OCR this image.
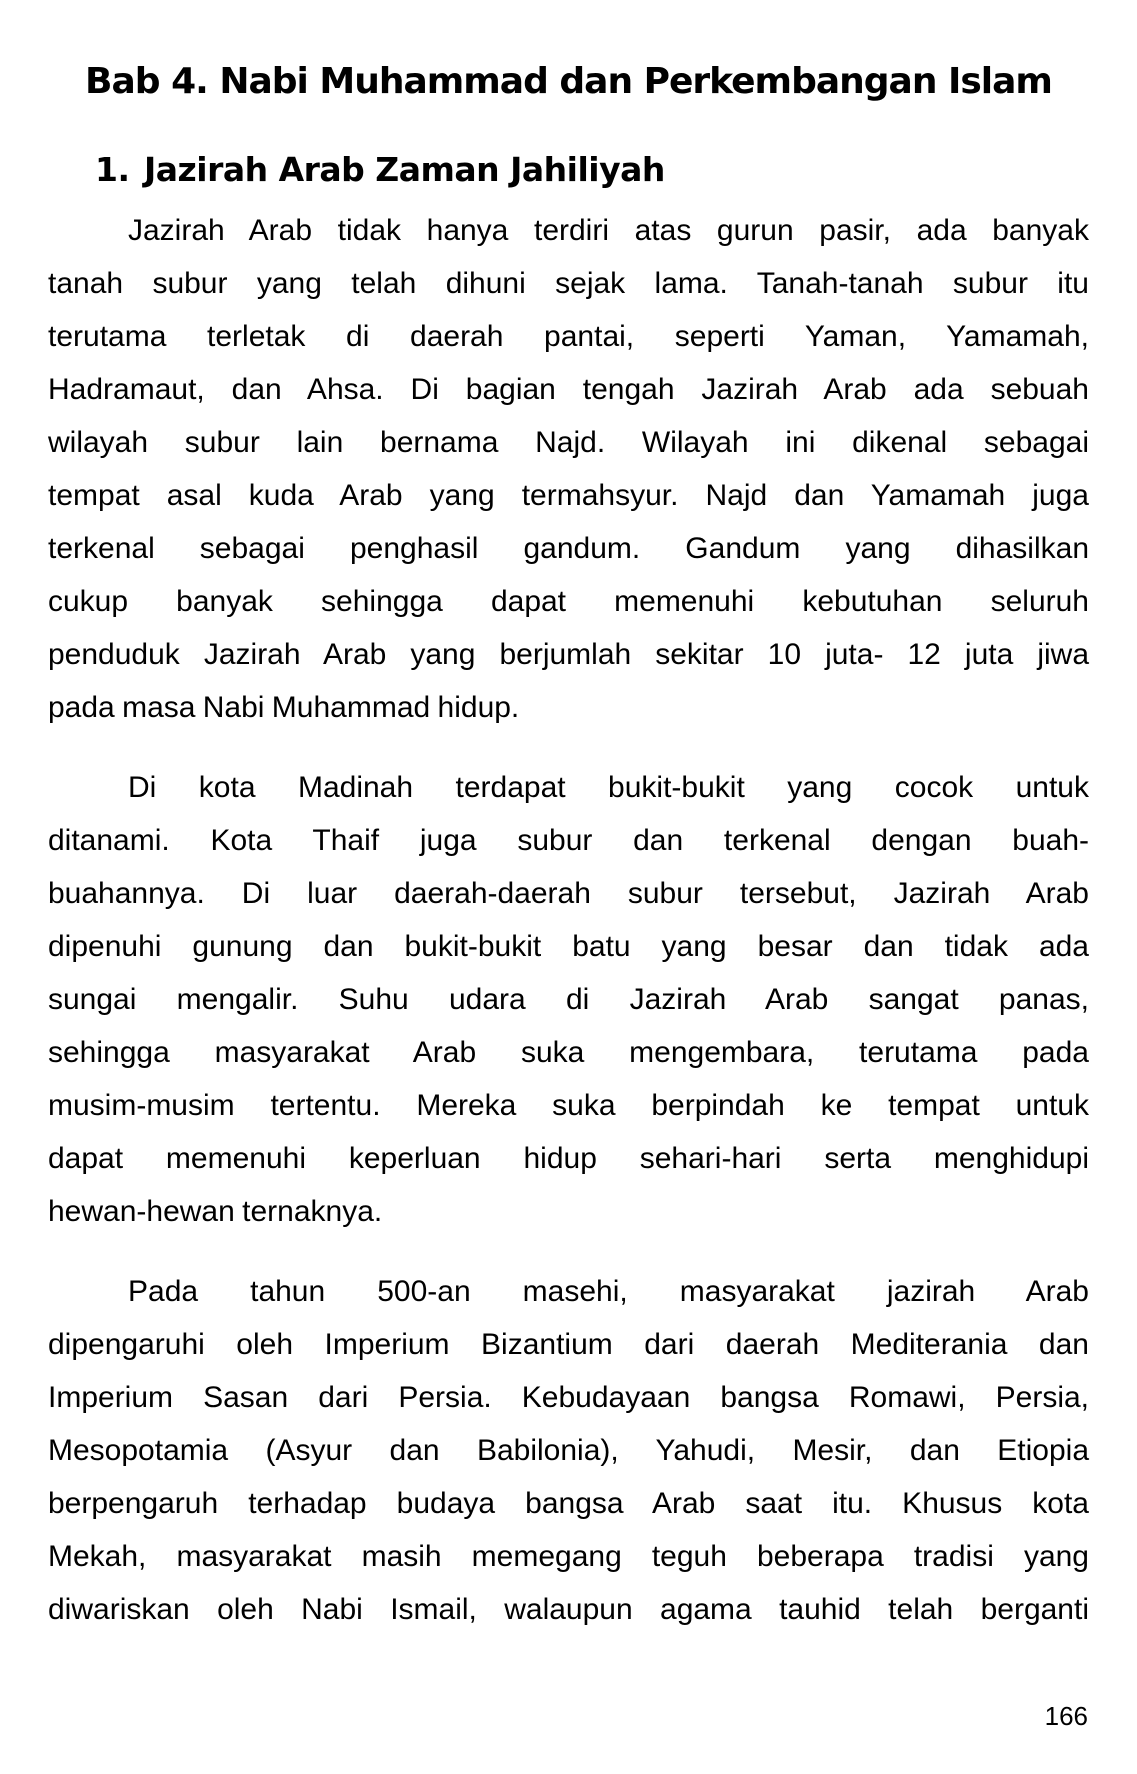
Bab 4. Nabi Muhammad dan Perkembangan Islam
1. Jazirah Arab Zaman Jahiliyah
Jazirah Arab tidak hanya terdiri atas gurun pasir, ada banyak
tanah subur yang telah dihuni sejak lama. Tanah-tanah subur itu
terutama terletak di daerah pantai, seperti Yaman, Yamamah,
Hadramaut, dan Ahsa. Di bagian tengah Jazirah Arab ada sebuah
wilayah subur lain bernama Najd. Wilayah ini dikenal sebagai
tempat asal kuda Arab yang termahsyur. Najd dan Yamamah juga
terkenal sebagai penghasil gandum. Gandum yang dihasilkan
cukup banyak sehingga dapat memenuhi kebutuhan seluruh
penduduk Jazirah Arab yang berjumlah sekitar 10 juta- 12 juta jiwa
pada masa Nabi Muhammad hidup.
Di kota Madinah terdapat bukit-bukit yang cocok untuk
ditanami. Kota Thaif juga subur dan terkenal dengan buah-
buahannya. Di luar daerah-daerah subur tersebut, Jazirah Arab
dipenuhi gunung dan bukit-bukit batu yang besar dan tidak ada
sungai mengalir. Suhu udara di Jazirah Arab sangat panas,
sehingga masyarakat Arab suka mengembara, terutama pada
musim-musim tertentu. Mereka suka berpindah ke tempat untuk
dapat memenuhi keperluan hidup sehari-hari serta menghidupi
hewan-hewan ternaknya.
Pada tahun 500-an masehi, masyarakat jazirah Arab
dipengaruhi oleh Imperium Bizantium dari daerah Mediterania dan
Imperium Sasan dari Persia. Kebudayaan bangsa Romawi, Persia,
Mesopotamia (Asyur dan Babilonia), Yahudi, Mesir, dan Etiopia
berpengaruh terhadap budaya bangsa Arab saat itu. Khusus kota
Mekah, masyarakat masih memegang teguh beberapa tradisi yang
diwariskan oleh Nabi Ismail, walaupun agama tauhid telah berganti
166
